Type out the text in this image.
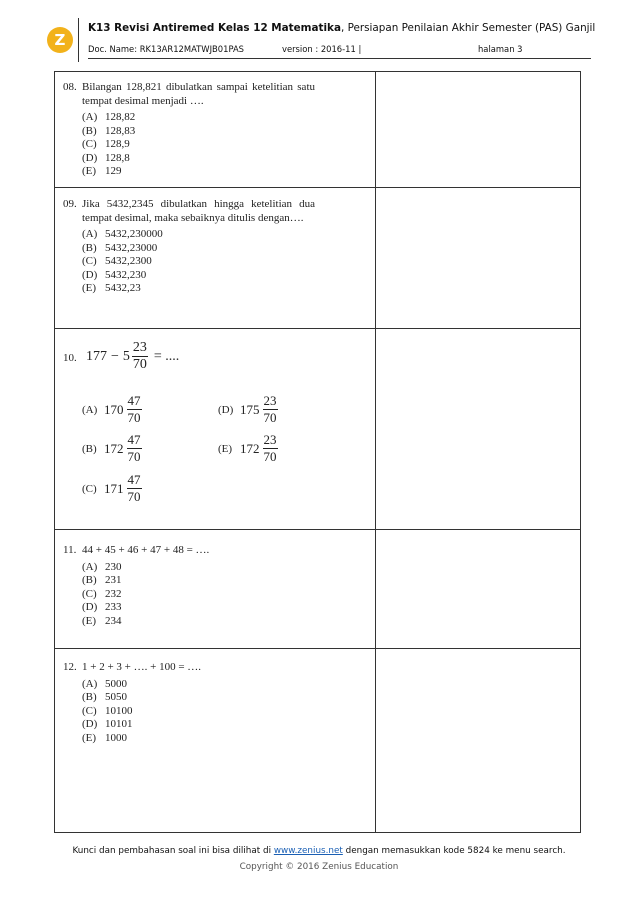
Z
K13 Revisi Antiremed Kelas 12 Matematika, Persiapan Penilaian Akhir Semester (PAS) Ganjil
Doc. Name: RK13AR12MATWJB01PAS	version : 2016-11 |	halaman 3
08. Bilangan 128,821 dibulatkan sampai ketelitian satu tempat desimal menjadi ….
(A) 128,82
(B) 128,83
(C) 128,9
(D) 128,8
(E) 129
09. Jika 5432,2345 dibulatkan hingga ketelitian dua tempat desimal, maka sebaiknya ditulis dengan….
(A) 5432,230000
(B) 5432,23000
(C) 5432,2300
(D) 5432,230
(E) 5432,23
10. $177 - 5 \frac{23}{70}$ = ....
(A) $170 \frac{47}{70}$
(B) $172 \frac{47}{70}$
(C) $171 \frac{47}{70}$
(D) $175 \frac{23}{70}$
(E) $172 \frac{23}{70}$
11. 44 + 45 + 46 + 47 + 48 = ….
(A) 230
(B) 231
(C) 232
(D) 233
(E) 234
12. 1 + 2 + 3 + …. + 100 = ….
(A) 5000
(B) 5050
(C) 10100
(D) 10101
(E) 1000
Kunci dan pembahasan soal ini bisa dilihat di www.zenius.net dengan memasukkan kode 5824 ke menu search.
Copyright © 2016 Zenius Education
